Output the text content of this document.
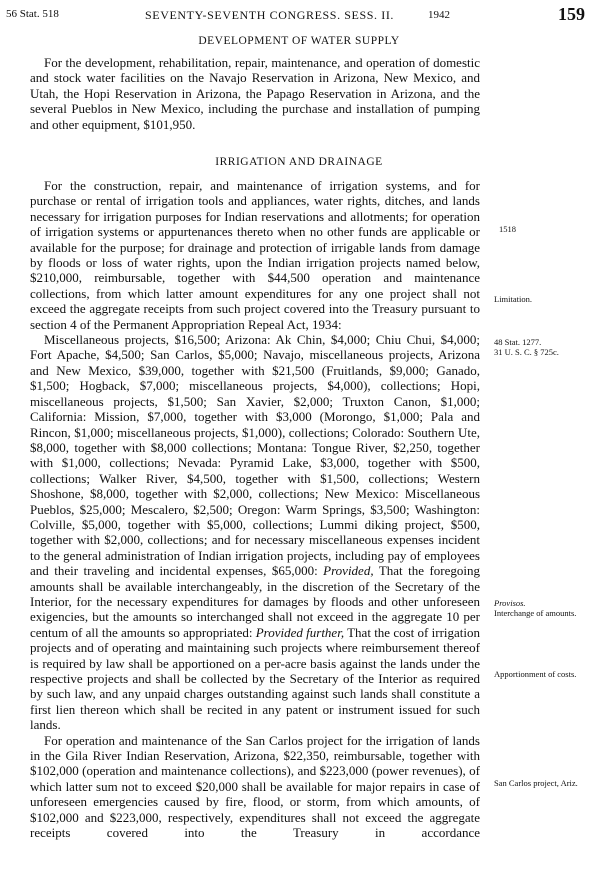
56 Stat. 518	SEVENTY-SEVENTH CONGRESS. SESS. II.	1942	159
DEVELOPMENT OF WATER SUPPLY

For the development, rehabilitation, repair, maintenance, and operation of domestic and stock water facilities on the Navajo Reservation in Arizona, New Mexico, and Utah, the Hopi Reservation in Arizona, the Papago Reservation in Arizona, and the several Pueblos in New Mexico, including the purchase and installation of pumping and other equipment, $101,950.

IRRIGATION AND DRAINAGE

For the construction, repair, and maintenance of irrigation systems, and for purchase or rental of irrigation tools and appliances, water rights, ditches, and lands necessary for irrigation purposes for Indian reservations and allotments; for operation of irrigation systems or appurtenances thereto when no other funds are applicable or available for the purpose; for drainage and protection of irrigable lands from damage by floods or loss of water rights, upon the Indian irrigation projects named below, $210,000, reimbursable, together with $44,500 operation and maintenance collections, from which latter amount expenditures for any one project shall not exceed the aggregate receipts from such project covered into the Treasury pursuant to section 4 of the Permanent Appropriation Repeal Act, 1934:

Miscellaneous projects, $16,500; Arizona: Ak Chin, $4,000; Chiu Chui, $4,000; Fort Apache, $4,500; San Carlos, $5,000; Navajo, miscellaneous projects, Arizona and New Mexico, $39,000, together with $21,500 (Fruitlands, $9,000; Ganado, $1,500; Hogback, $7,000; miscellaneous projects, $4,000), collections; Hopi, miscellaneous projects, $1,500; San Xavier, $2,000; Truxton Canon, $1,000; California: Mission, $7,000, together with $3,000 (Morongo, $1,000; Pala and Rincon, $1,000; miscellaneous projects, $1,000), collections; Colorado: Southern Ute, $8,000, together with $8,000 collections; Montana: Tongue River, $2,250, together with $1,000, collections; Nevada: Pyramid Lake, $3,000, together with $500, collections; Walker River, $4,500, together with $1,500, collections; Western Shoshone, $8,000, together with $2,000, collections; New Mexico: Miscellaneous Pueblos, $25,000; Mescalero, $2,500; Oregon: Warm Springs, $3,500; Washington: Colville, $5,000, together with $5,000, collections; Lummi diking project, $500, together with $2,000, collections; and for necessary miscellaneous expenses incident to the general administration of Indian irrigation projects, including pay of employees and their traveling and incidental expenses, $65,000: Provided, That the foregoing amounts shall be available interchangeably, in the discretion of the Secretary of the Interior, for the necessary expenditures for damages by floods and other unforeseen exigencies, but the amounts so interchanged shall not exceed in the aggregate 10 per centum of all the amounts so appropriated: Provided further, That the cost of irrigation projects and of operating and maintaining such projects where reimbursement thereof is required by law shall be apportioned on a per-acre basis against the lands under the respective projects and shall be collected by the Secretary of the Interior as required by such law, and any unpaid charges outstanding against such lands shall constitute a first lien thereon which shall be recited in any patent or instrument issued for such lands.

For operation and maintenance of the San Carlos project for the irrigation of lands in the Gila River Indian Reservation, Arizona, $22,350, reimbursable, together with $102,000 (operation and maintenance collections), and $223,000 (power revenues), of which latter sum not to exceed $20,000 shall be available for major repairs in case of unforeseen emergencies caused by fire, flood, or storm, from which amounts, of $102,000 and $223,000, respectively, expenditures shall not exceed the aggregate receipts covered into the Treasury in accordance

1518
Limitation.

48 Stat. 1277.

31 U. S. C. § 725c.

Provisos.

Interchange of amounts.

Apportionment of costs.
San Carlos project, Ariz.
